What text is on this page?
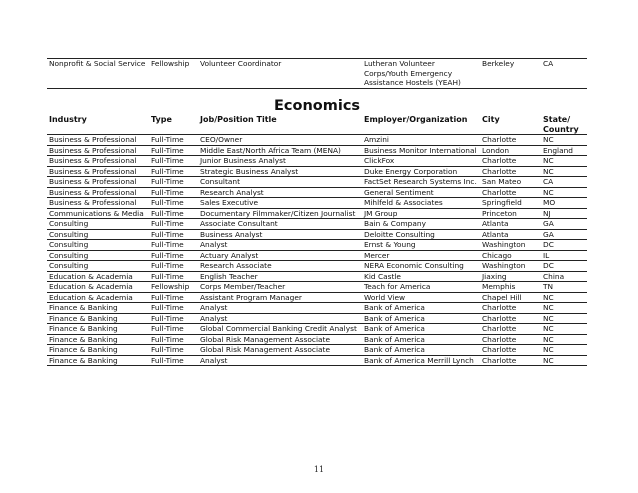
Nonprofit & Social Service	Fellowship	Volunteer Coordinator	Lutheran Volunteer Corps/Youth Emergency Assistance Hostels (YEAH)	Berkeley	CA
Economics					
Industry	Type	Job/Position Title	Employer/Organization	City	State/ Country
Business & Professional	Full-Time	CEO/Owner	Amzini	Charlotte	NC
Business & Professional	Full-Time	Middle East/North Africa Team (MENA)	Business Monitor International	London	England
Business & Professional	Full-Time	Junior Business Analyst	ClickFox	Charlotte	NC
Business & Professional	Full-Time	Strategic Business Analyst	Duke Energy Corporation	Charlotte	NC
Business & Professional	Full-Time	Consultant	FactSet Research Systems Inc.	San Mateo	CA
Business & Professional	Full-Time	Research Analyst	General Sentiment	Charlotte	NC
Business & Professional	Full-Time	Sales Executive	Mihlfeld & Associates	Springfield	MO
Communications & Media	Full-Time	Documentary Filmmaker/Citizen Journalist	JM Group	Princeton	NJ
Consulting	Full-Time	Associate Consultant	Bain & Company	Atlanta	GA
Consulting	Full-Time	Business Analyst	Deloitte Consulting	Atlanta	GA
Consulting	Full-Time	Analyst	Ernst & Young	Washington	DC
Consulting	Full-Time	Actuary Analyst	Mercer	Chicago	IL
Consulting	Full-Time	Research Associate	NERA Economic Consulting	Washington	DC
Education & Academia	Full-Time	English Teacher	Kid Castle	Jiaxing	China
Education & Academia	Fellowship	Corps Member/Teacher	Teach for America	Memphis	TN
Education & Academia	Full-Time	Assistant Program Manager	World View	Chapel Hill	NC
Finance & Banking	Full-Time	Analyst	Bank of America	Charlotte	NC
Finance & Banking	Full-Time	Analyst	Bank of America	Charlotte	NC
Finance & Banking	Full-Time	Global Commercial Banking Credit Analyst	Bank of America	Charlotte	NC
Finance & Banking	Full-Time	Global Risk Management Associate	Bank of America	Charlotte	NC
Finance & Banking	Full-Time	Global Risk Management Associate	Bank of America	Charlotte	NC
Finance & Banking	Full-Time	Analyst	Bank of America Merrill Lynch	Charlotte	NC
11
